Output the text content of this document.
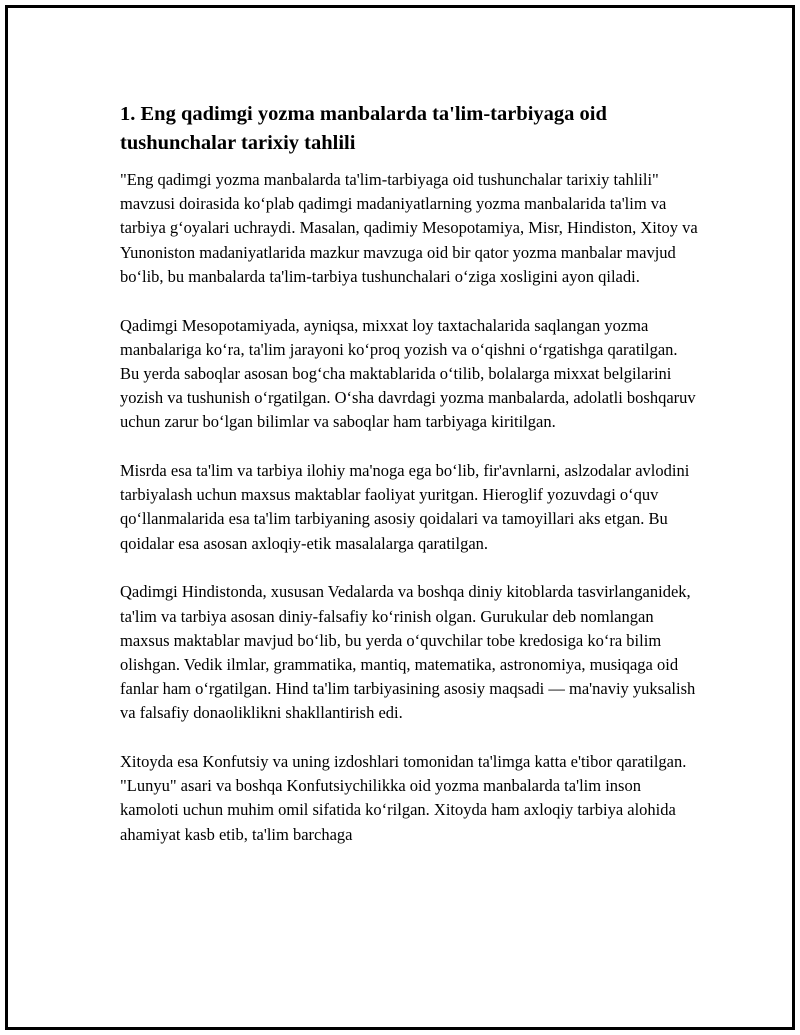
1. Eng qadimgi yozma manbalarda ta'lim-tarbiyaga oid tushunchalar tarixiy tahlili

"Eng qadimgi yozma manbalarda ta'lim-tarbiyaga oid tushunchalar tarixiy tahlili" mavzusi doirasida ko‘plab qadimgi madaniyatlarning yozma manbalarida ta'lim va tarbiya g‘oyalari uchraydi. Masalan, qadimiy Mesopotamiya, Misr, Hindiston, Xitoy va Yunoniston madaniyatlarida mazkur mavzuga oid bir qator yozma manbalar mavjud bo‘lib, bu manbalarda ta'lim-tarbiya tushunchalari o‘ziga xosligini ayon qiladi.

Qadimgi Mesopotamiyada, ayniqsa, mixxat loy taxtachalarida saqlangan yozma manbalariga ko‘ra, ta'lim jarayoni ko‘proq yozish va o‘qishni o‘rgatishga qaratilgan. Bu yerda saboqlar asosan bog‘cha maktablarida o‘tilib, bolalarga mixxat belgilarini yozish va tushunish o‘rgatilgan. O‘sha davrdagi yozma manbalarda, adolatli boshqaruv uchun zarur bo‘lgan bilimlar va saboqlar ham tarbiyaga kiritilgan.

Misrda esa ta'lim va tarbiya ilohiy ma'noga ega bo‘lib, fir'avnlarni, aslzodalar avlodini tarbiyalash uchun maxsus maktablar faoliyat yuritgan. Hieroglif yozuvdagi o‘quv qo‘llanmalarida esa ta'lim tarbiyaning asosiy qoidalari va tamoyillari aks etgan. Bu qoidalar esa asosan axloqiy-etik masalalarga qaratilgan.

Qadimgi Hindistonda, xususan Vedalarda va boshqa diniy kitoblarda tasvirlanganidek, ta'lim va tarbiya asosan diniy-falsafiy ko‘rinish olgan. Gurukular deb nomlangan maxsus maktablar mavjud bo‘lib, bu yerda o‘quvchilar tobe kredosiga ko‘ra bilim olishgan. Vedik ilmlar, grammatika, mantiq, matematika, astronomiya, musiqaga oid fanlar ham o‘rgatilgan. Hind ta'lim tarbiyasining asosiy maqsadi — ma'naviy yuksalish va falsafiy donaoliklikni shakllantirish edi.

Xitoyda esa Konfutsiy va uning izdoshlari tomonidan ta'limga katta e'tibor qaratilgan. "Lunyu" asari va boshqa Konfutsiychilikka oid yozma manbalarda ta'lim inson kamoloti uchun muhim omil sifatida ko‘rilgan. Xitoyda ham axloqiy tarbiya alohida ahamiyat kasb etib, ta'lim barchaga
